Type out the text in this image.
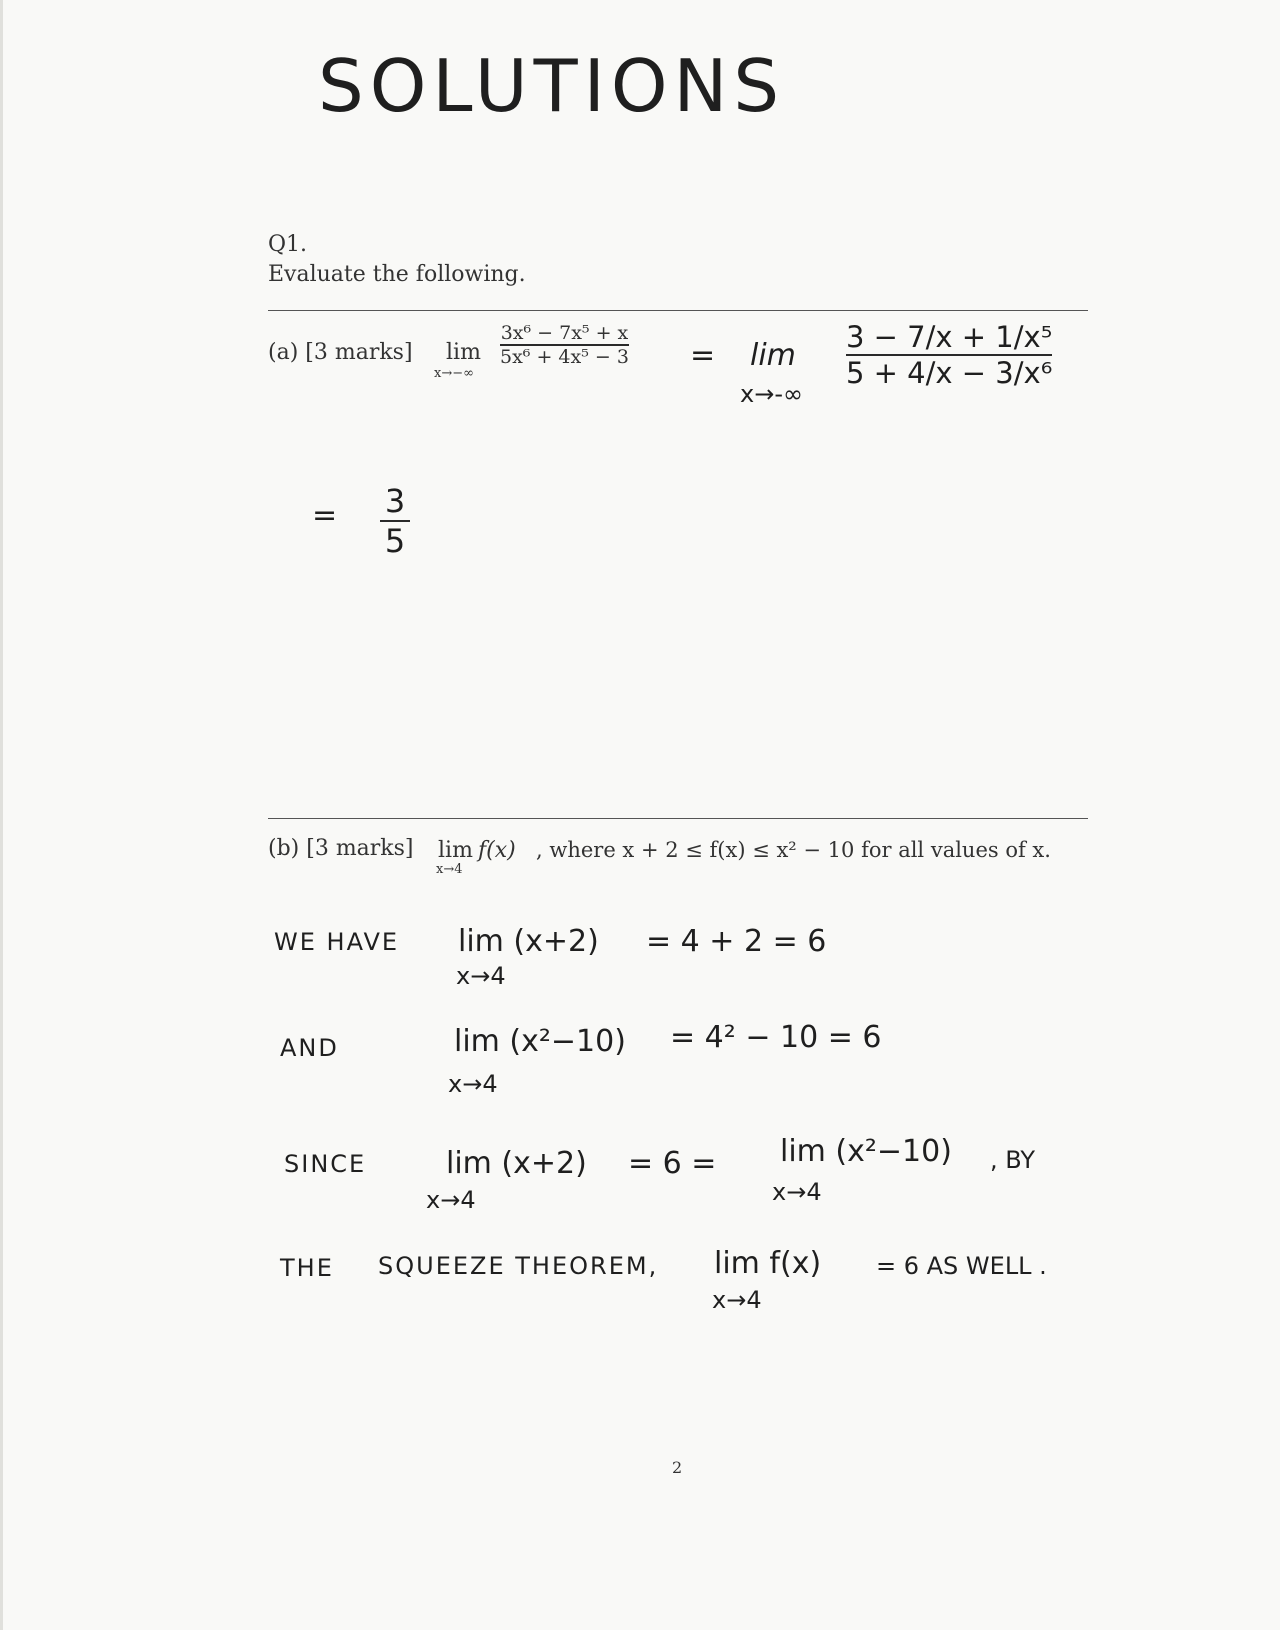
SOLUTIONS
Q1.
Evaluate the following.
(a) [3 marks] lim
x→−∞
3x⁶ − 7x⁵ + x
5x⁶ + 4x⁵ − 3 = lim
x→-∞
3 − 7/x + 1/x⁵
5 + 4/x − 3/x⁶
= 3
5
(b) [3 marks] lim f(x)
x→4
, where x + 2 ≤ f(x) ≤ x² − 10 for all values of x.
WE HAVE lim (x+2)
x→4
= 4 + 2 = 6
AND	lim (x²−10)
x→4
= 4² − 10 = 6
SINCE	lim (x+2)
x→4
= 6 = lim (x²−10)
x→4
, BY
THE SQUEEZE THEOREM, lim f(x)
x→4
= 6 AS WELL .
2
